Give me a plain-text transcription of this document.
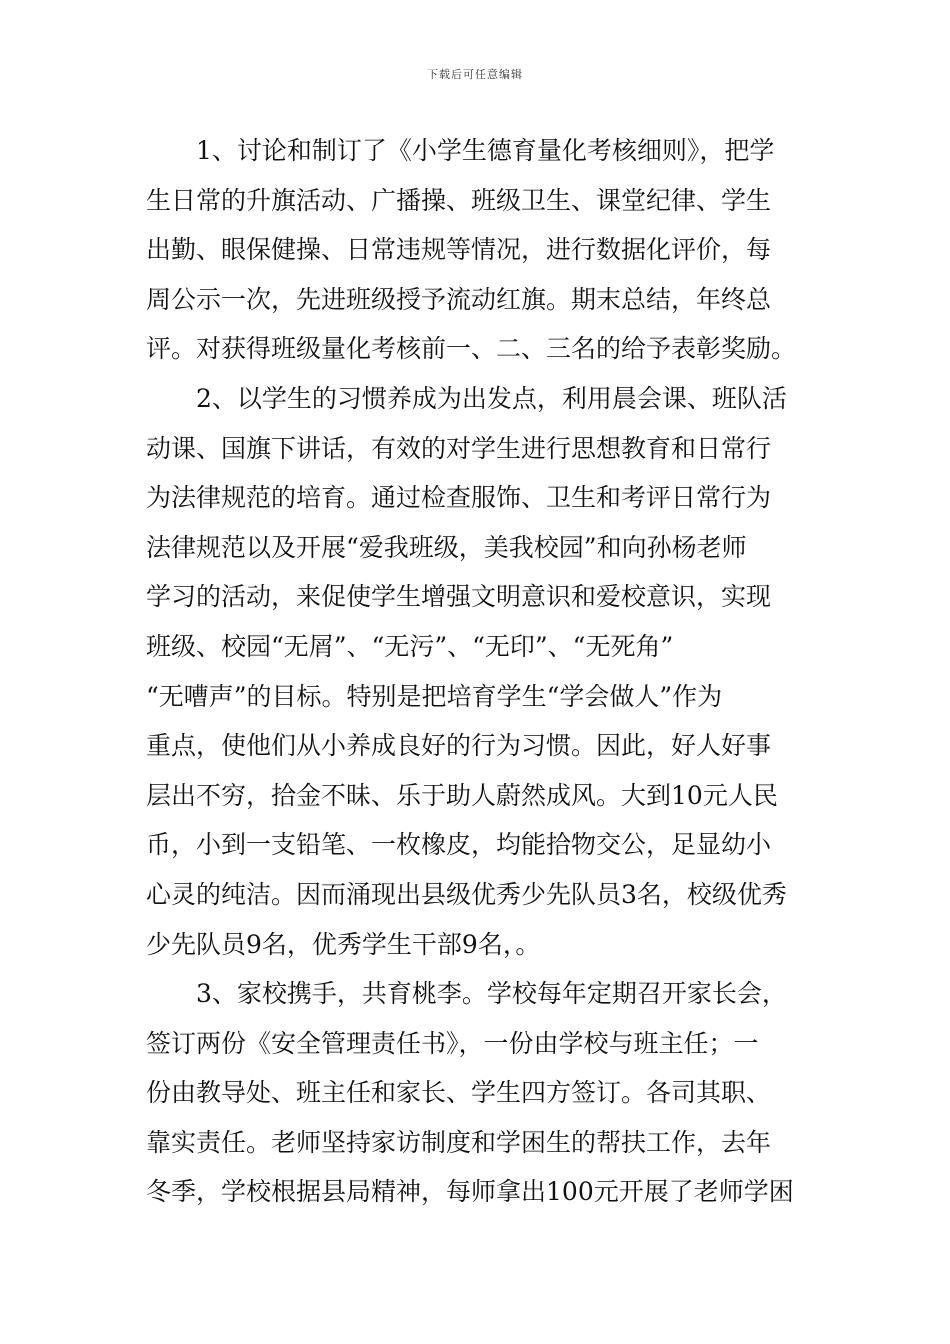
下载后可任意编辑
1、讨论和制订了《小学生德育量化考核细则》，把学
生日常的升旗活动、广播操、班级卫生、课堂纪律、学生
出勤、眼保健操、日常违规等情况，进行数据化评价，每
周公示一次，先进班级授予流动红旗。期末总结，年终总
评。对获得班级量化考核前一、二、三名的给予表彰奖励。
2、以学生的习惯养成为出发点，利用晨会课、班队活
动课、国旗下讲话，有效的对学生进行思想教育和日常行
为法律规范的培育。通过检查服饰、卫生和考评日常行为
法律规范以及开展“爱我班级，美我校园”和向孙杨老师
学习的活动，来促使学生增强文明意识和爱校意识，实现
班级、校园“无屑”、“无污”、“无印”、“无死角”
“无嘈声”的目标。特别是把培育学生“学会做人”作为
重点，使他们从小养成良好的行为习惯。因此，好人好事
层出不穷，拾金不昧、乐于助人蔚然成风。大到10元人民
币，小到一支铅笔、一枚橡皮，均能拾物交公，足显幼小
心灵的纯洁。因而涌现出县级优秀少先队员3名，校级优秀
少先队员9名，优秀学生干部9名，。
3、家校携手，共育桃李。学校每年定期召开家长会，
签订两份《安全管理责任书》，一份由学校与班主任；一
份由教导处、班主任和家长、学生四方签订。各司其职、
靠实责任。老师坚持家访制度和学困生的帮扶工作，去年
冬季，学校根据县局精神，每师拿出100元开展了老师学困
